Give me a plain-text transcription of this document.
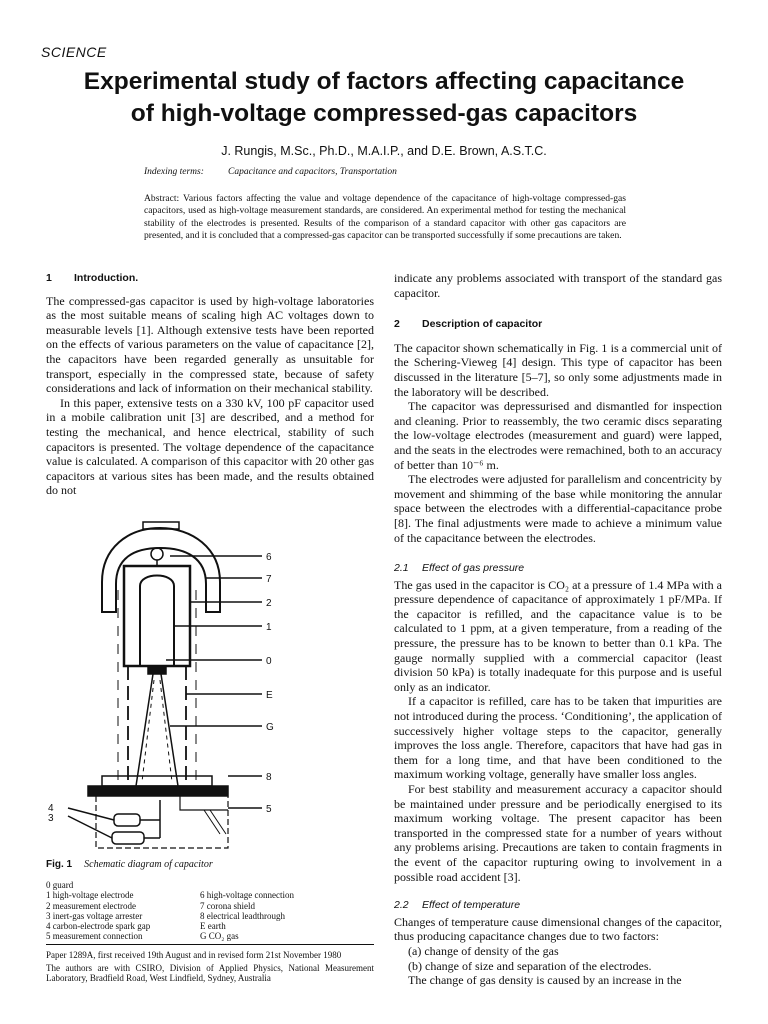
SCIENCE
Experimental study of factors affecting capacitance
of high-voltage compressed-gas capacitors
J. Rungis, M.Sc., Ph.D., M.A.I.P., and D.E. Brown, A.S.T.C.
Indexing terms:	Capacitance and capacitors, Transportation
Abstract: Various factors affecting the value and voltage dependence of the capacitance of high-voltage compressed-gas capacitors, used as high-voltage measurement standards, are considered. An experimental method for testing the mechanical stability of the electrodes is presented. Results of the comparison of a standard capacitor with other gas capacitors are presented, and it is concluded that a compressed-gas capacitor can be transported successfully if some precautions are taken.
1 Introduction.

The compressed-gas capacitor is used by high-voltage laboratories as the most suitable means of scaling high AC voltages down to measurable levels [1]. Although extensive tests have been reported on the effects of various parameters on the value of capacitance [2], the capacitors have been regarded generally as unsuitable for transport, especially in the compressed state, because of safety considerations and lack of information on their mechanical stability.

In this paper, extensive tests on a 330 kV, 100 pF capacitor used in a mobile calibration unit [3] are described, and a method for testing the mechanical, and hence electrical, stability of such capacitors is presented. The voltage dependence of the capacitance value is calculated. A comparison of this capacitor with 20 other gas capacitors at various sites has been made, and the results obtained do not

6
7
2
1
0
E
G
8
5
4
3
Fig. 1 Schematic diagram of capacitor
0 guard
1 high-voltage electrode
2 measurement electrode
3 inert-gas voltage arrester
4 carbon-electrode spark gap
5 measurement connection
6 high-voltage connection
7 corona shield
8 electrical leadthrough
E earth
G CO₂ gas

Paper 1289A, first received 19th August and in revised form 21st November 1980

The authors are with CSIRO, Division of Applied Physics, National Measurement Laboratory, Bradfield Road, West Lindfield, Sydney, Australia

indicate any problems associated with transport of the standard gas capacitor.

2 Description of capacitor

The capacitor shown schematically in Fig. 1 is a commercial unit of the Schering-Vieweg [4] design. This type of capacitor has been discussed in the literature [5–7], so only some adjustments made in the laboratory will be described.

The capacitor was depressurised and dismantled for inspection and cleaning. Prior to reassembly, the two ceramic discs separating the low-voltage electrodes (measurement and guard) were lapped, and the seats in the electrodes were remachined, both to an accuracy of better than 10⁻⁶ m.

The electrodes were adjusted for parallelism and concentricity by movement and shimming of the base while monitoring the annular space between the electrodes with a differential-capacitance probe [8]. The final adjustments were made to achieve a minimum value of the capacitance between the electrodes.

2.1 Effect of gas pressure

The gas used in the capacitor is CO₂ at a pressure of 1.4 MPa with a pressure dependence of capacitance of approximately 1 pF/MPa. If the capacitor is refilled, and the capacitance value is to be calculated to 1 ppm, at a given temperature, from a reading of the pressure, the pressure has to be known to better than 0.1 kPa. The gauge normally supplied with a commercial capacitor (least division 50 kPa) is totally inadequate for this purpose and is useful only as an indicator.

If a capacitor is refilled, care has to be taken that impurities are not introduced during the process. ‘Conditioning’, the application of successively higher voltage steps to the capacitor, generally improves the loss angle. Therefore, capacitors that have had gas in them for a long time, and that have been conditioned to the maximum working voltage, generally have smaller loss angles.

For best stability and measurement accuracy a capacitor should be maintained under pressure and be periodically energised to its maximum working voltage. The present capacitor has been transported in the compressed state for a number of years without any problems arising. Precautions are taken to contain fragments in the event of the capacitor rupturing owing to involvement in a possible road accident [3].

2.2 Effect of temperature

Changes of temperature cause dimensional changes of the capacitor, thus producing capacitance changes due to two factors:

(a) change of density of the gas

(b) change of size and separation of the electrodes.

The change of gas density is caused by an increase in the
